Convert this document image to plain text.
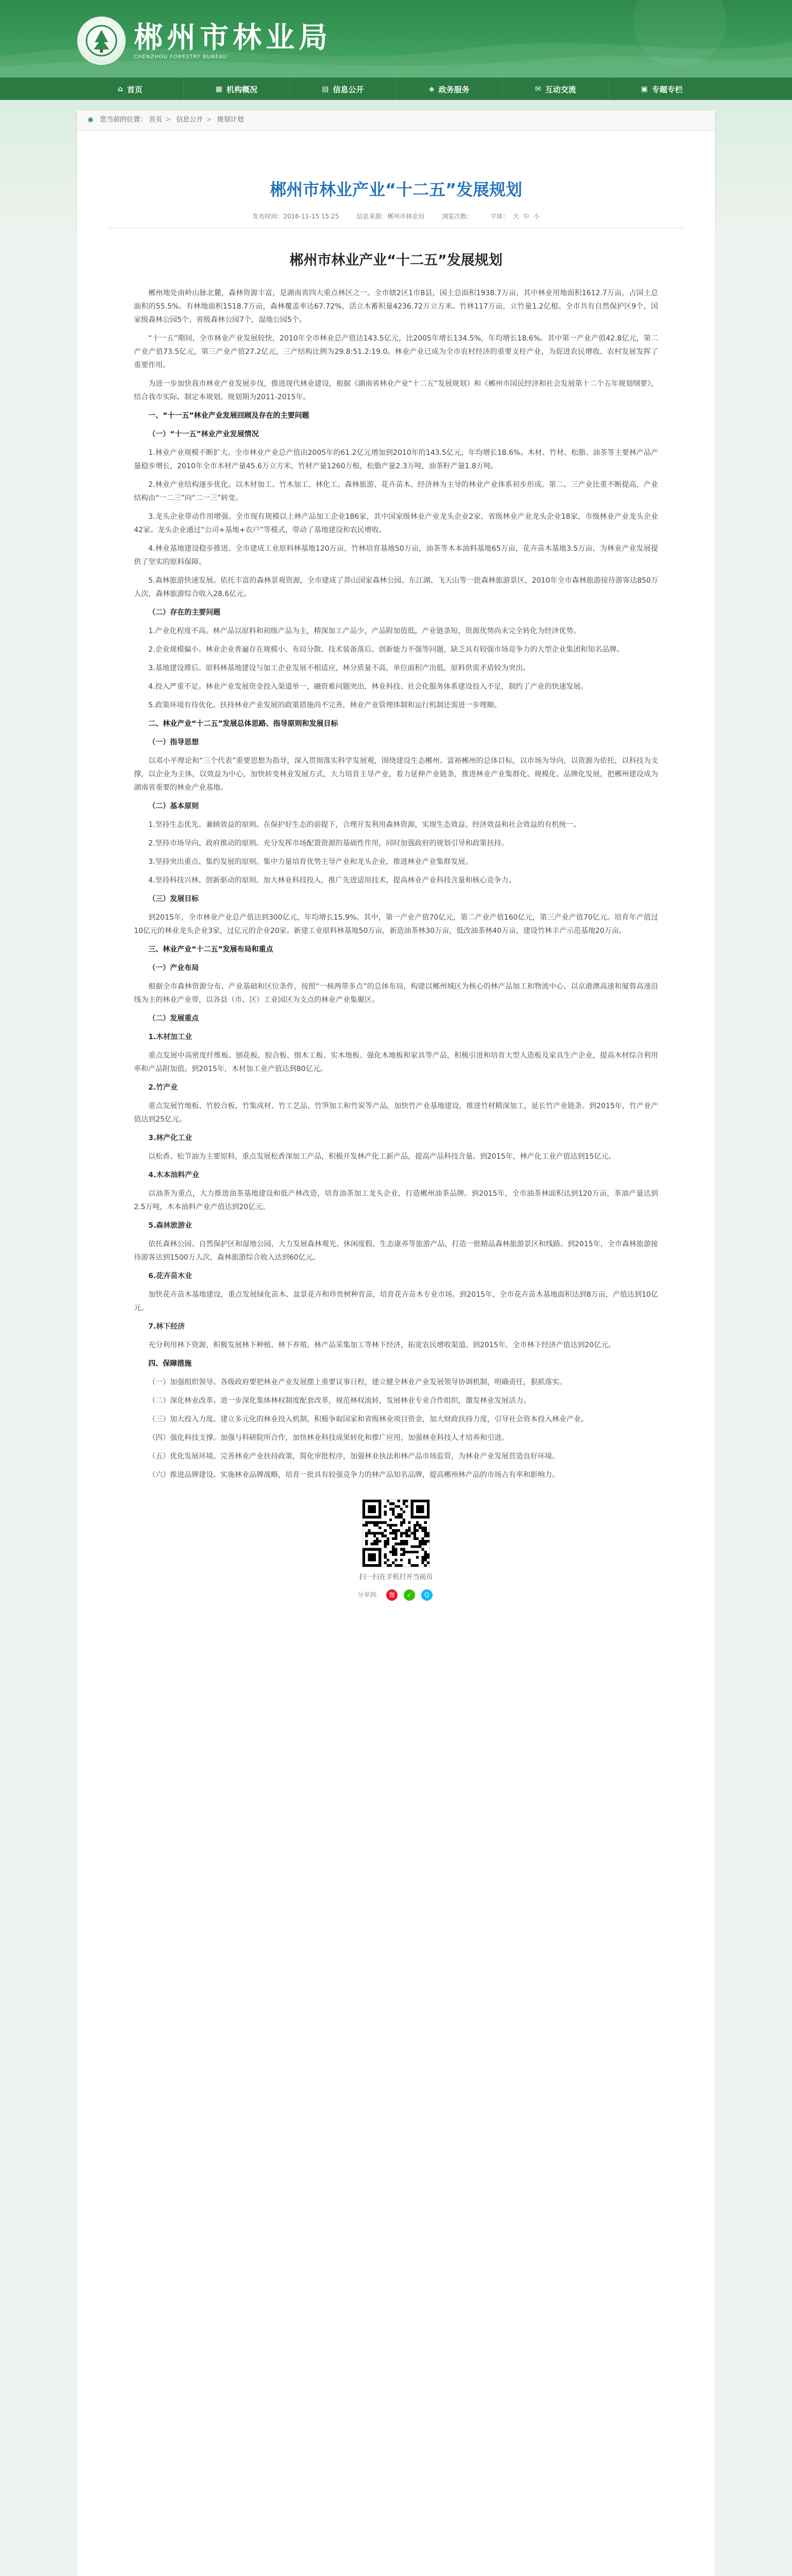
郴州市林业局
CHENZHOU FORESTRY BUREAU
⌂ 首页	▦ 机构概况	▤ 信息公开	◈ 政务服务	✉ 互动交流	▣ 专题专栏
◉ 您当前的位置： 首页 > 信息公开 > 规划计划
郴州市林业产业“十二五”发展规划
发布时间：2016-11-15 15:25	信息来源：郴州市林业局	浏览次数：	字体： 大 中 小
郴州市林业产业“十二五”发展规划

郴州地处南岭山脉北麓，森林资源丰富，是湖南省四大重点林区之一。全市辖2区1市8县，国土总面积1938.7万亩，其中林业用地面积1612.7万亩，占国土总面积的55.5%。有林地面积1518.7万亩，森林覆盖率达67.72%，活立木蓄积量4236.72万立方米。竹林117万亩，立竹量1.2亿根。全市共有自然保护区9个，国家级森林公园5个、省级森林公园7个，湿地公园5个。

“十一五”期间，全市林业产业发展较快，2010年全市林业总产值达143.5亿元，比2005年增长134.5%，年均增长18.6%。其中第一产业产值42.8亿元，第二产业产值73.5亿元，第三产业产值27.2亿元，三产结构比例为29.8:51.2:19.0。林业产业已成为全市农村经济的重要支柱产业，为促进农民增收、农村发展发挥了重要作用。

为进一步加快我市林业产业发展步伐，推进现代林业建设，根据《湖南省林业产业“十二五”发展规划》和《郴州市国民经济和社会发展第十二个五年规划纲要》，结合我市实际，制定本规划。规划期为2011-2015年。

一、“十一五”林业产业发展回顾及存在的主要问题

（一）“十一五”林业产业发展情况

1.林业产业规模不断扩大。全市林业产业总产值由2005年的61.2亿元增加到2010年的143.5亿元，年均增长18.6%。木材、竹材、松脂、油茶等主要林产品产量稳步增长，2010年全市木材产量45.6万立方米，竹材产量1260万根，松脂产量2.3万吨，油茶籽产量1.8万吨。

2.林业产业结构逐步优化。以木材加工、竹木加工、林化工、森林旅游、花卉苗木、经济林为主导的林业产业体系初步形成。第二、三产业比重不断提高，产业结构由“一二三”向“二一三”转变。

3.龙头企业带动作用增强。全市现有规模以上林产品加工企业186家，其中国家级林业产业龙头企业2家，省级林业产业龙头企业18家，市级林业产业龙头企业42家。龙头企业通过“公司+基地+农户”等模式，带动了基地建设和农民增收。

4.林业基地建设稳步推进。全市建成工业原料林基地120万亩，竹林培育基地50万亩，油茶等木本油料基地65万亩，花卉苗木基地3.5万亩，为林业产业发展提供了坚实的原料保障。

5.森林旅游快速发展。依托丰富的森林景观资源，全市建成了莽山国家森林公园、东江湖、飞天山等一批森林旅游景区，2010年全市森林旅游接待游客达850万人次，森林旅游综合收入28.6亿元。

（二）存在的主要问题

1.产业化程度不高。林产品以原料和初级产品为主，精深加工产品少，产品附加值低，产业链条短，资源优势尚未完全转化为经济优势。

2.企业规模偏小。林业企业普遍存在规模小、布局分散、技术装备落后、创新能力不强等问题，缺乏具有较强市场竞争力的大型企业集团和知名品牌。

3.基地建设滞后。原料林基地建设与加工企业发展不相适应，林分质量不高，单位面积产出低，原料供需矛盾较为突出。

4.投入严重不足。林业产业发展资金投入渠道单一，融资难问题突出，林业科技、社会化服务体系建设投入不足，制约了产业的快速发展。

5.政策环境有待优化。扶持林业产业发展的政策措施尚不完善，林业产业管理体制和运行机制还需进一步理顺。

二、林业产业“十二五”发展总体思路、指导原则和发展目标

（一）指导思想

以邓小平理论和“三个代表”重要思想为指导，深入贯彻落实科学发展观，围绕建设生态郴州、富裕郴州的总体目标，以市场为导向，以资源为依托，以科技为支撑，以企业为主体，以效益为中心，加快转变林业发展方式，大力培育主导产业，着力延伸产业链条，推进林业产业集群化、规模化、品牌化发展，把郴州建设成为湖南省重要的林业产业基地。

（二）基本原则

1.坚持生态优先、兼顾效益的原则。在保护好生态的前提下，合理开发利用森林资源，实现生态效益、经济效益和社会效益的有机统一。

2.坚持市场导向、政府推动的原则。充分发挥市场配置资源的基础性作用，同时加强政府的规划引导和政策扶持。

3.坚持突出重点、集约发展的原则。集中力量培育优势主导产业和龙头企业，推进林业产业集群发展。

4.坚持科技兴林、创新驱动的原则。加大林业科技投入，推广先进适用技术，提高林业产业科技含量和核心竞争力。

（三）发展目标

到2015年，全市林业产业总产值达到300亿元，年均增长15.9%。其中，第一产业产值70亿元，第二产业产值160亿元，第三产业产值70亿元。培育年产值过10亿元的林业龙头企业3家，过亿元的企业20家。新建工业原料林基地50万亩，新造油茶林30万亩，低改油茶林40万亩，建设竹林丰产示范基地20万亩。

三、林业产业“十二五”发展布局和重点

（一）产业布局

根据全市森林资源分布、产业基础和区位条件，按照“一核两带多点”的总体布局，构建以郴州城区为核心的林产品加工和物流中心，以京港澳高速和厦蓉高速沿线为主的林业产业带，以各县（市、区）工业园区为支点的林业产业集聚区。

（二）发展重点

1.木材加工业

重点发展中高密度纤维板、刨花板、胶合板、细木工板、实木地板、强化木地板和家具等产品，积极引进和培育大型人造板及家具生产企业，提高木材综合利用率和产品附加值。到2015年，木材加工业产值达到80亿元。

2.竹产业

重点发展竹地板、竹胶合板、竹集成材、竹工艺品、竹笋加工和竹炭等产品，加快竹产业基地建设，推进竹材精深加工，延长竹产业链条。到2015年，竹产业产值达到25亿元。

3.林产化工业

以松香、松节油为主要原料，重点发展松香深加工产品，积极开发林产化工新产品，提高产品科技含量。到2015年，林产化工业产值达到15亿元。

4.木本油料产业

以油茶为重点，大力推进油茶基地建设和低产林改造，培育油茶加工龙头企业，打造郴州油茶品牌。到2015年，全市油茶林面积达到120万亩，茶油产量达到2.5万吨，木本油料产业产值达到20亿元。

5.森林旅游业

依托森林公园、自然保护区和湿地公园，大力发展森林观光、休闲度假、生态康养等旅游产品，打造一批精品森林旅游景区和线路。到2015年，全市森林旅游接待游客达到1500万人次，森林旅游综合收入达到60亿元。

6.花卉苗木业

加快花卉苗木基地建设，重点发展绿化苗木、盆景花卉和珍贵树种育苗，培育花卉苗木专业市场。到2015年，全市花卉苗木基地面积达到8万亩，产值达到10亿元。

7.林下经济

充分利用林下资源，积极发展林下种植、林下养殖、林产品采集加工等林下经济，拓宽农民增收渠道。到2015年，全市林下经济产值达到20亿元。

四、保障措施

（一）加强组织领导。各级政府要把林业产业发展摆上重要议事日程，建立健全林业产业发展领导协调机制，明确责任，狠抓落实。

（二）深化林业改革。进一步深化集体林权制度配套改革，规范林权流转，发展林业专业合作组织，激发林业发展活力。

（三）加大投入力度。建立多元化的林业投入机制，积极争取国家和省级林业项目资金，加大财政扶持力度，引导社会资本投入林业产业。

（四）强化科技支撑。加强与科研院所合作，加快林业科技成果转化和推广应用，加强林业科技人才培养和引进。

（五）优化发展环境。完善林业产业扶持政策，简化审批程序，加强林业执法和林产品市场监管，为林业产业发展营造良好环境。

（六）推进品牌建设。实施林业品牌战略，培育一批具有较强竞争力的林产品知名品牌，提高郴州林产品的市场占有率和影响力。

扫一扫在手机打开当前页
分享到： 微 ✓ Q
